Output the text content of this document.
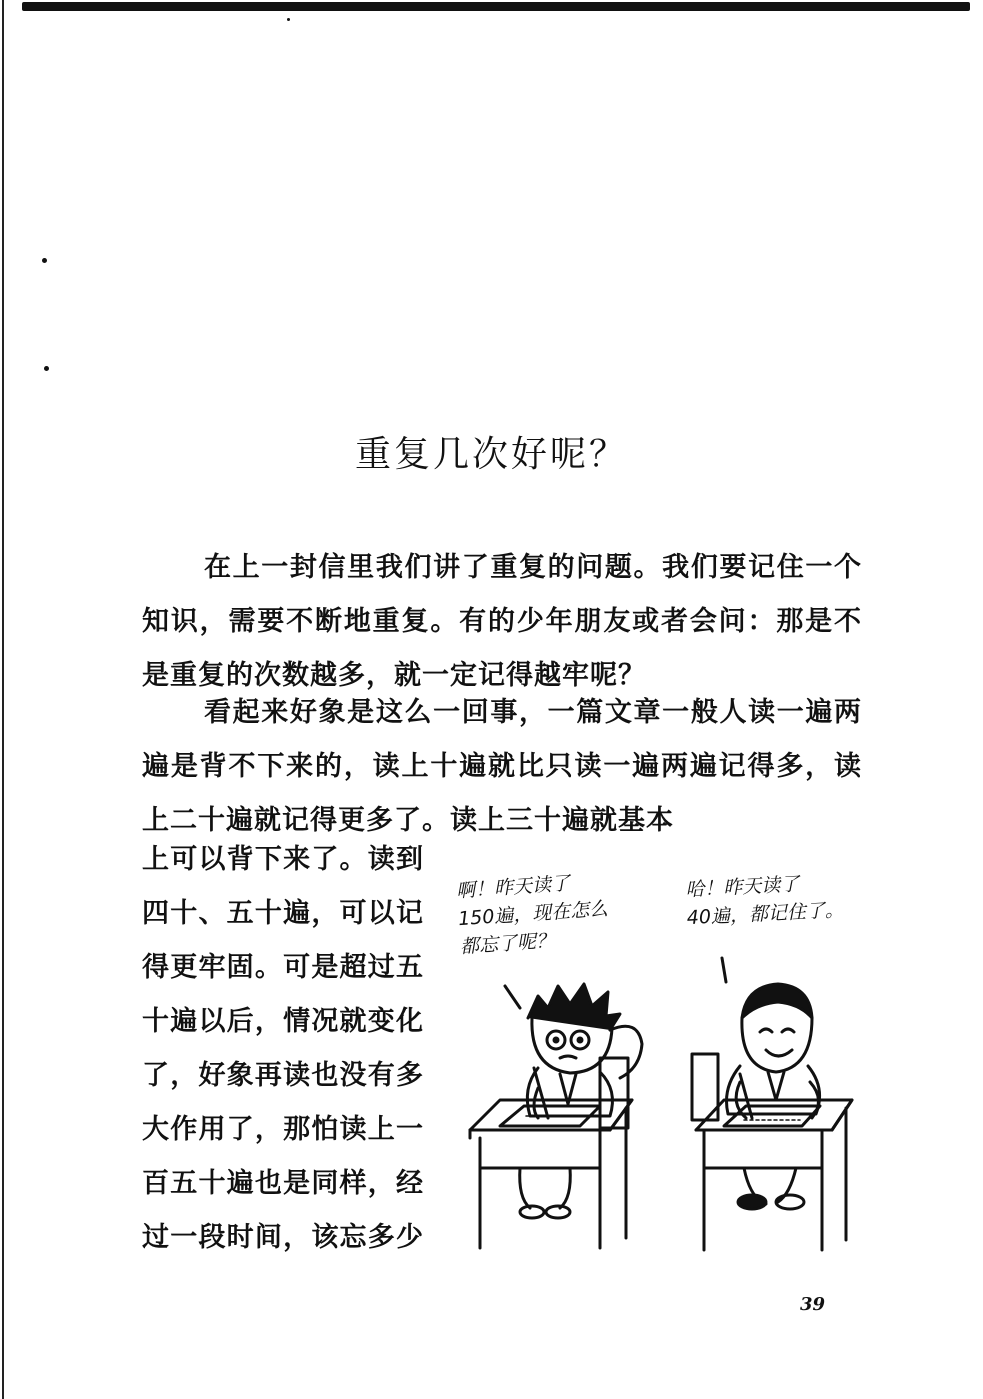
重复几次好呢？

在上一封信里我们讲了重复的问题。我们要记住一个知识，需要不断地重复。有的少年朋友或者会问：那是不是重复的次数越多，就一定记得越牢呢？

看起来好象是这么一回事，一篇文章一般人读一遍两遍是背不下来的，读上十遍就比只读一遍两遍记得多，读上二十遍就记得更多了。读上三十遍就基本

上可以背下来了。读到四十、五十遍，可以记得更牢固。可是超过五十遍以后，情况就变化了，好象再读也没有多大作用了，那怕读上一百五十遍也是同样，经过一段时间，该忘多少

啊！昨天读了
150遍，现在怎么
都忘了呢？
哈！昨天读了
40遍，都记住了。
39
